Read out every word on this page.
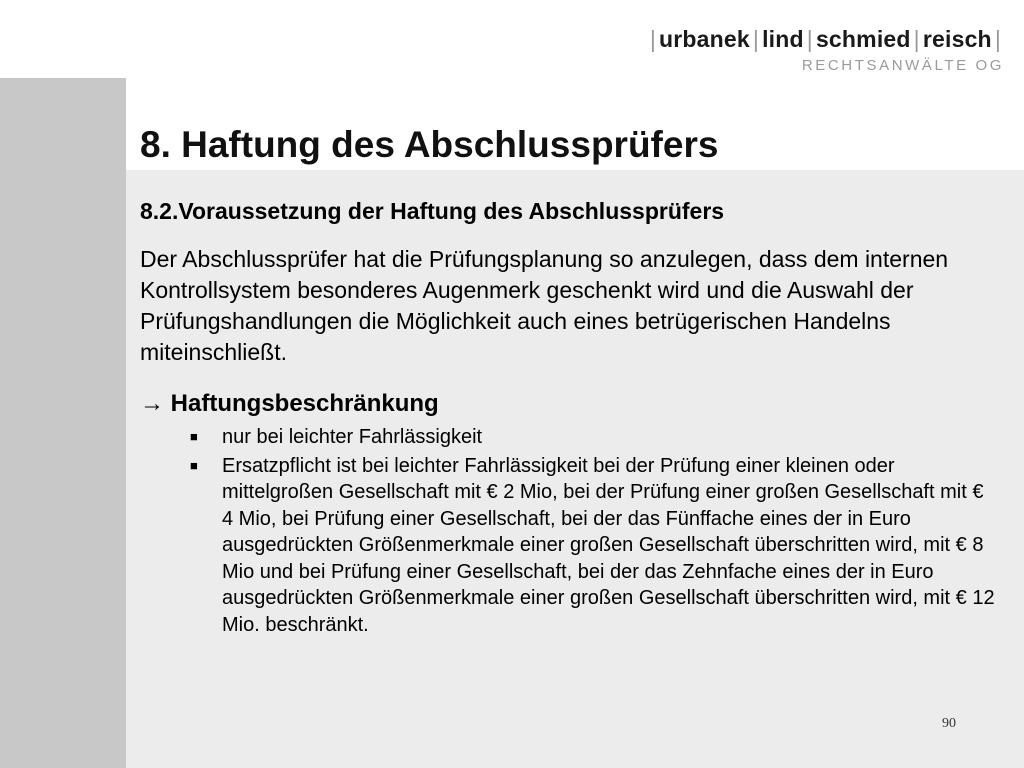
| urbanek | lind | schmied | reisch |
RECHTSANWÄLTE OG
8. Haftung des Abschlussprüfers
8.2.Voraussetzung der Haftung des Abschlussprüfers

Der Abschlussprüfer hat die Prüfungsplanung so anzulegen, dass dem internen Kontrollsystem besonderes Augenmerk geschenkt wird und die Auswahl der Prüfungshandlungen die Möglichkeit auch eines betrügerischen Handelns miteinschließt.

→ Haftungsbeschränkung

■ nur bei leichter Fahrlässigkeit
■ Ersatzpflicht ist bei leichter Fahrlässigkeit bei der Prüfung einer kleinen oder mittelgroßen Gesellschaft mit € 2 Mio, bei der Prüfung einer großen Gesellschaft mit € 4 Mio, bei Prüfung einer Gesellschaft, bei der das Fünffache eines der in Euro ausgedrückten Größenmerkmale einer großen Gesellschaft überschritten wird, mit € 8 Mio und bei Prüfung einer Gesellschaft, bei der das Zehnfache eines der in Euro ausgedrückten Größenmerkmale einer großen Gesellschaft überschritten wird, mit € 12 Mio. beschränkt.
90
